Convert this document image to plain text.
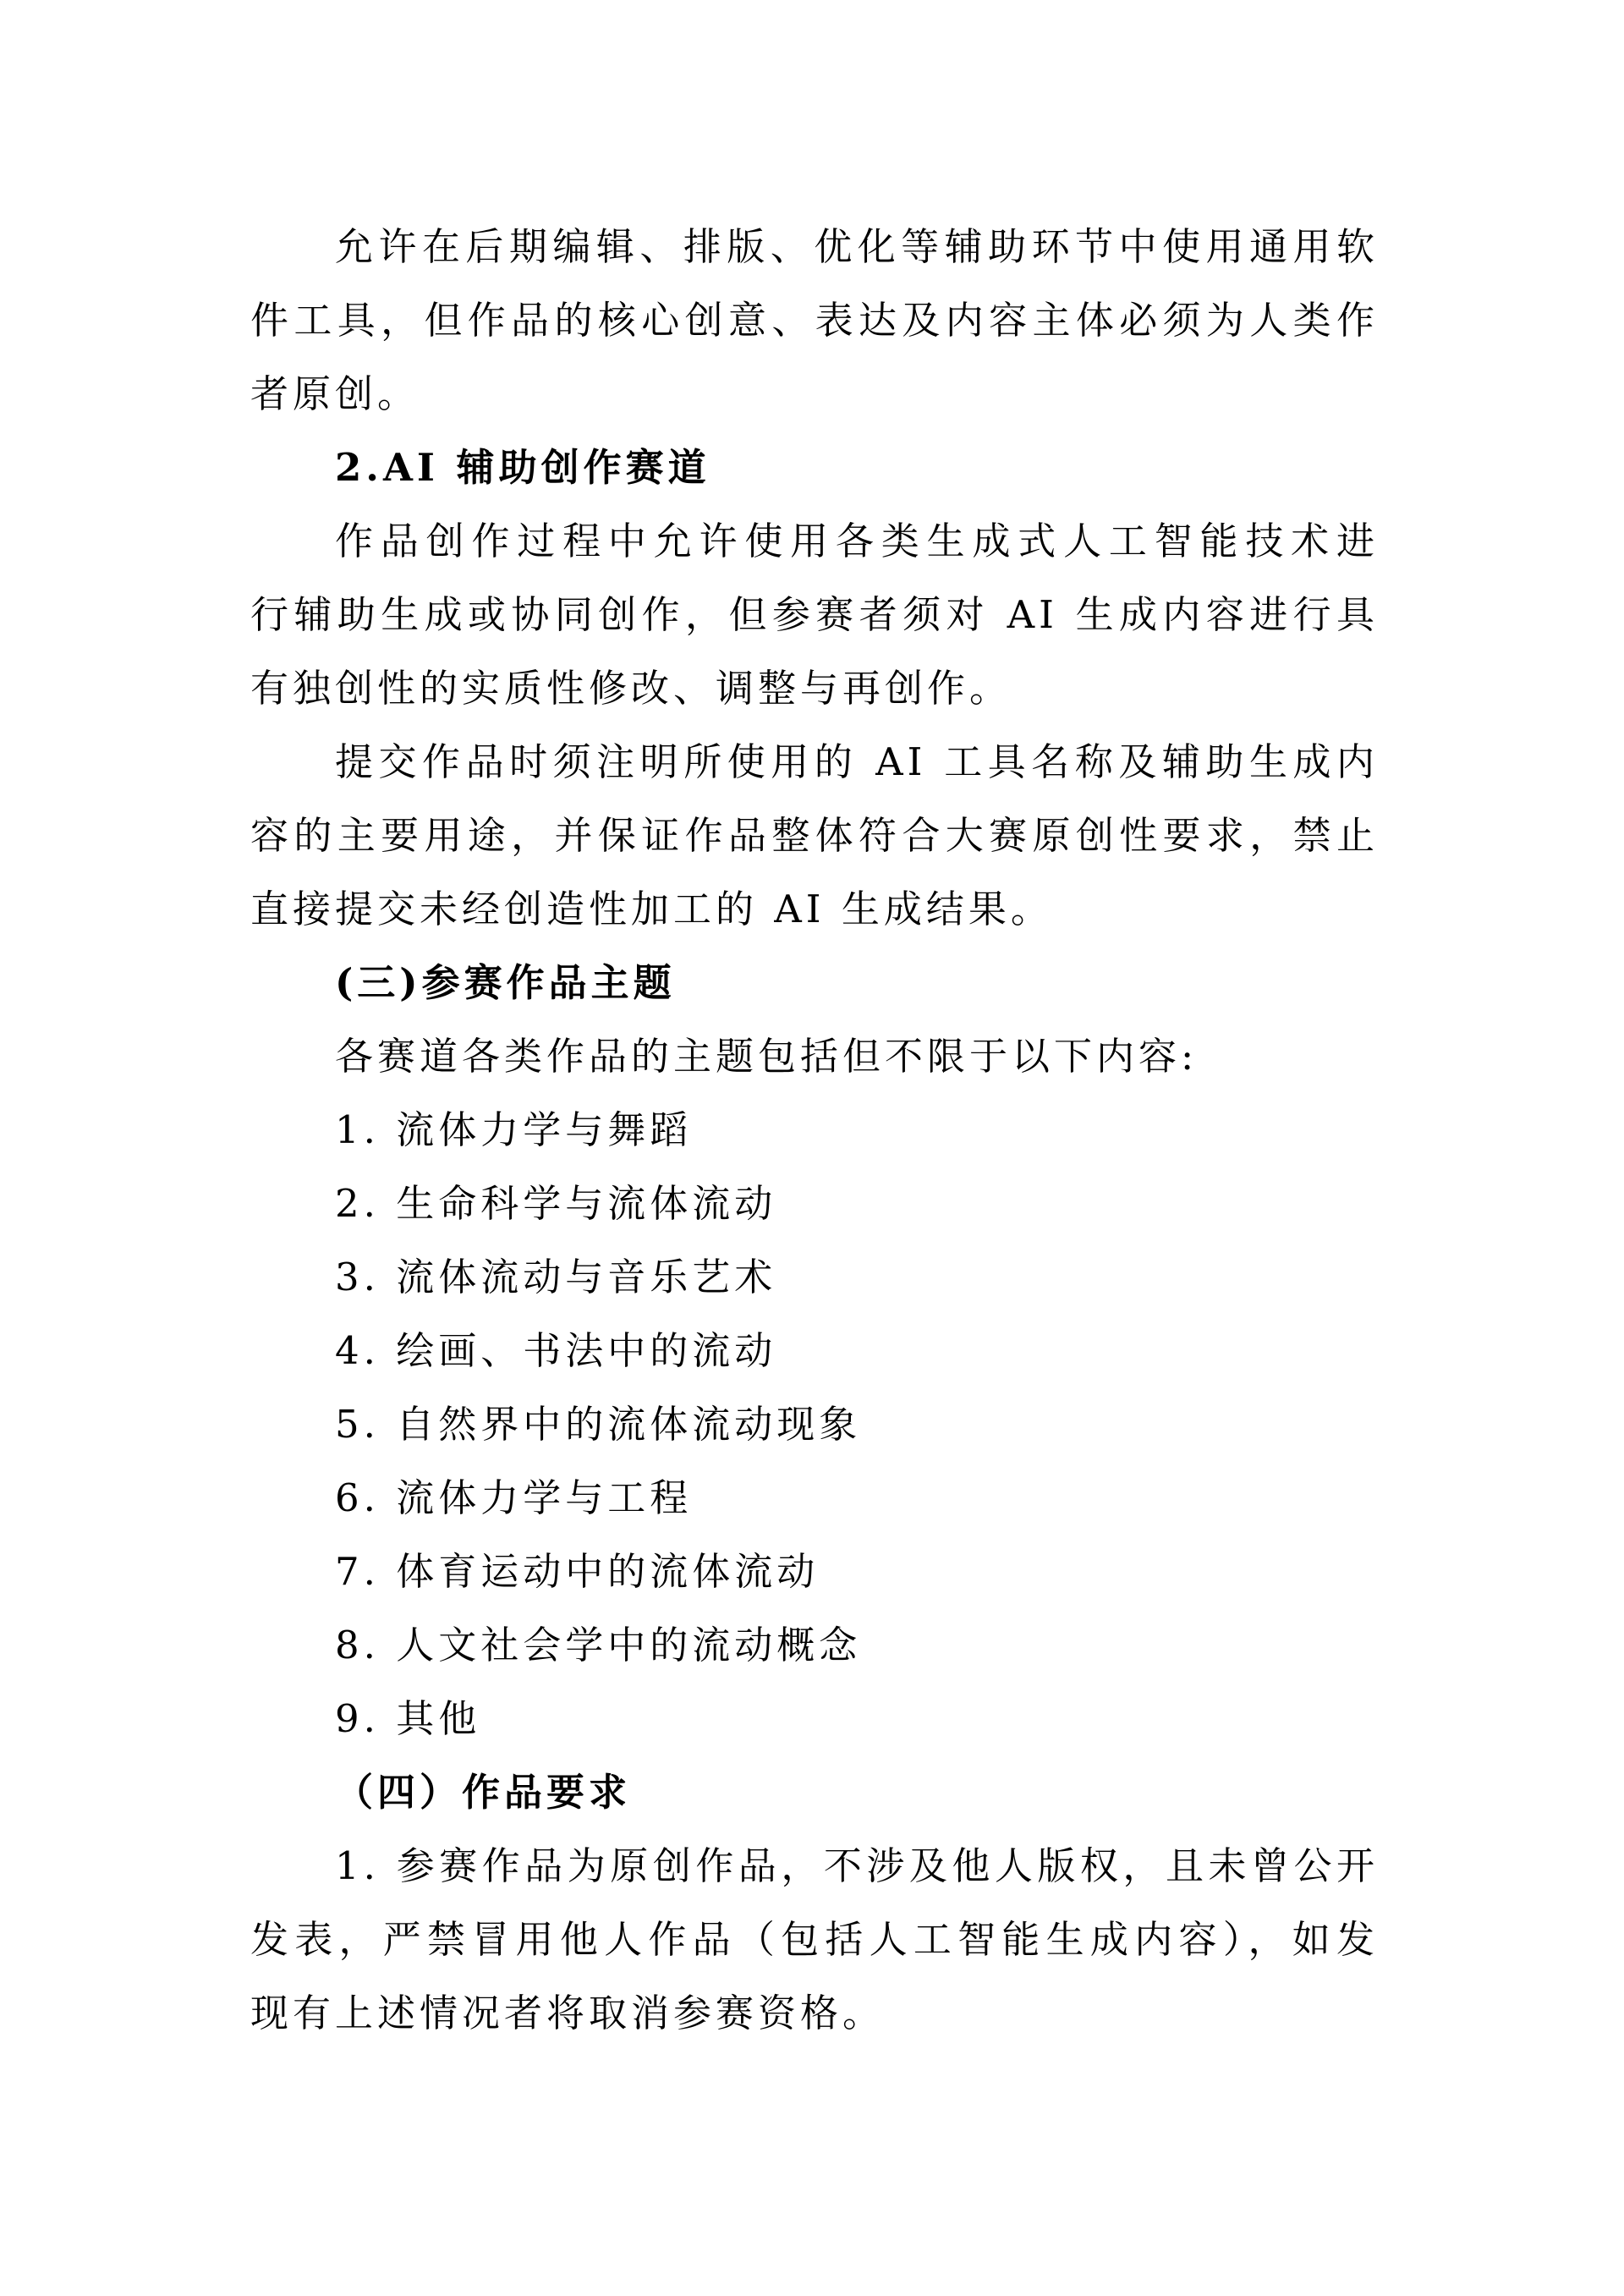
允许在后期编辑、排版、优化等辅助环节中使用通用软
件工具，但作品的核心创意、表达及内容主体必须为人类作
者原创。
2.AI 辅助创作赛道
作品创作过程中允许使用各类生成式人工智能技术进
行辅助生成或协同创作，但参赛者须对 AI 生成内容进行具
有独创性的实质性修改、调整与再创作。
提交作品时须注明所使用的 AI 工具名称及辅助生成内
容的主要用途，并保证作品整体符合大赛原创性要求，禁止
直接提交未经创造性加工的 AI 生成结果。
(三)参赛作品主题
各赛道各类作品的主题包括但不限于以下内容:
1. 流体力学与舞蹈
2. 生命科学与流体流动
3. 流体流动与音乐艺术
4. 绘画、书法中的流动
5. 自然界中的流体流动现象
6. 流体力学与工程
7. 体育运动中的流体流动
8. 人文社会学中的流动概念
9. 其他
（四）作品要求
1. 参赛作品为原创作品，不涉及他人版权，且未曾公开
发表，严禁冒用他人作品（包括人工智能生成内容），如发
现有上述情况者将取消参赛资格。
